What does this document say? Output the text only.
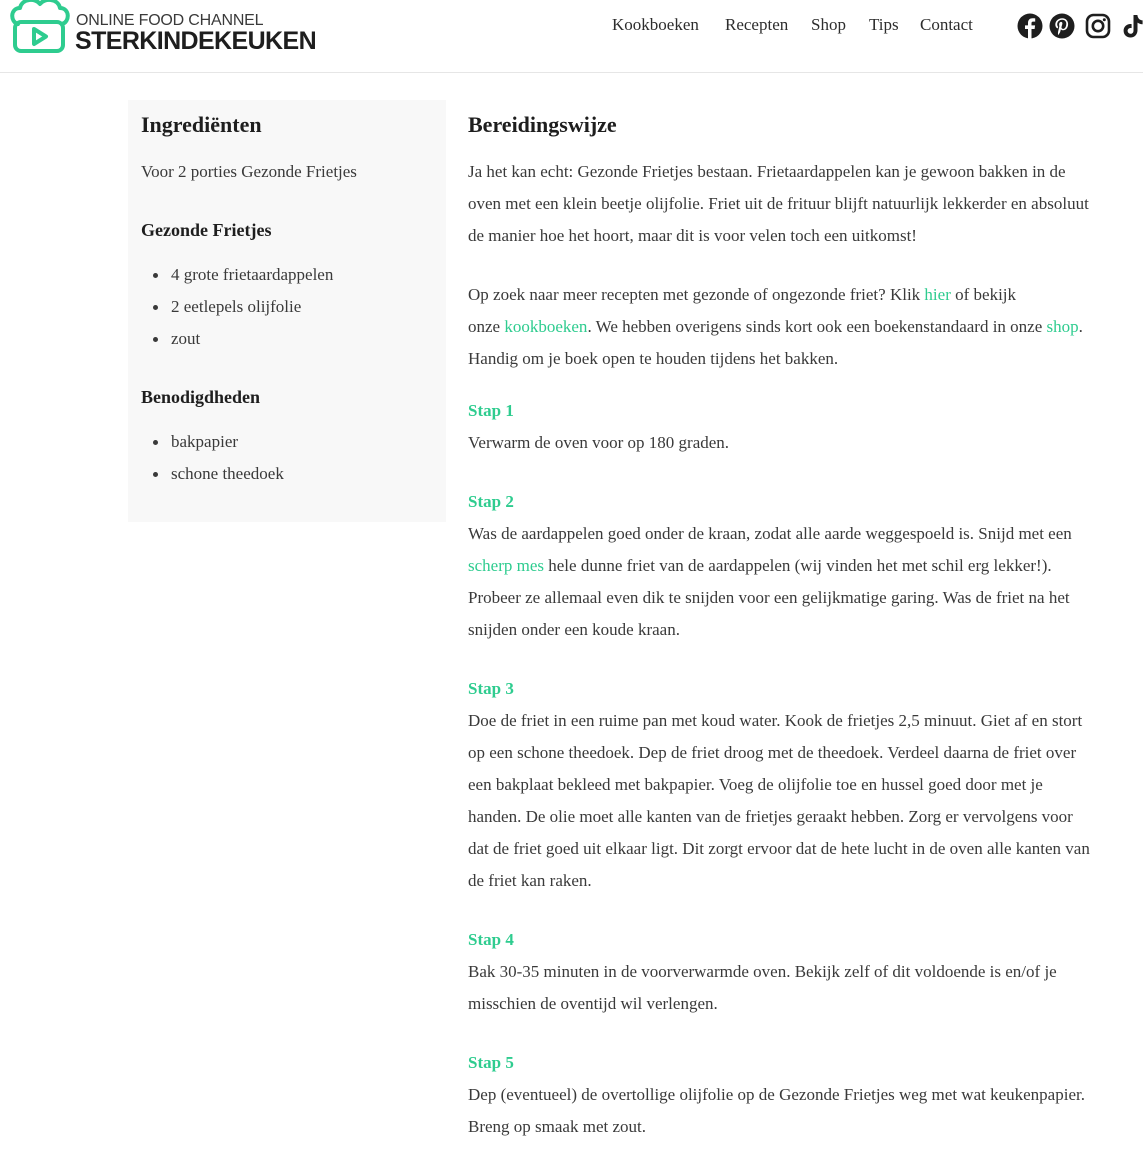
ONLINE FOOD CHANNEL
STERKINDEKEUKEN
Kookboeken Recepten Shop Tips Contact
Ingrediënten
Voor 2 porties Gezonde Frietjes
Gezonde Frietjes
4 grote frietaardappelen
2 eetlepels olijfolie
zout
Benodigdheden
bakpapier
schone theedoek
Bereidingswijze
Ja het kan echt: Gezonde Frietjes bestaan. Frietaardappelen kan je gewoon bakken in de
oven met een klein beetje olijfolie. Friet uit de frituur blijft natuurlijk lekkerder en absoluut
de manier hoe het hoort, maar dit is voor velen toch een uitkomst!
Op zoek naar meer recepten met gezonde of ongezonde friet? Klik hier of bekijk
onze kookboeken. We hebben overigens sinds kort ook een boekenstandaard in onze shop.
Handig om je boek open te houden tijdens het bakken.
Stap 1
Verwarm de oven voor op 180 graden.
Stap 2
Was de aardappelen goed onder de kraan, zodat alle aarde weggespoeld is. Snijd met een
scherp mes hele dunne friet van de aardappelen (wij vinden het met schil erg lekker!).
Probeer ze allemaal even dik te snijden voor een gelijkmatige garing. Was de friet na het
snijden onder een koude kraan.
Stap 3
Doe de friet in een ruime pan met koud water. Kook de frietjes 2,5 minuut. Giet af en stort
op een schone theedoek. Dep de friet droog met de theedoek. Verdeel daarna de friet over
een bakplaat bekleed met bakpapier. Voeg de olijfolie toe en hussel goed door met je
handen. De olie moet alle kanten van de frietjes geraakt hebben. Zorg er vervolgens voor
dat de friet goed uit elkaar ligt. Dit zorgt ervoor dat de hete lucht in de oven alle kanten van
de friet kan raken.
Stap 4
Bak 30-35 minuten in de voorverwarmde oven. Bekijk zelf of dit voldoende is en/of je
misschien de oventijd wil verlengen.
Stap 5
Dep (eventueel) de overtollige olijfolie op de Gezonde Frietjes weg met wat keukenpapier.
Breng op smaak met zout.
